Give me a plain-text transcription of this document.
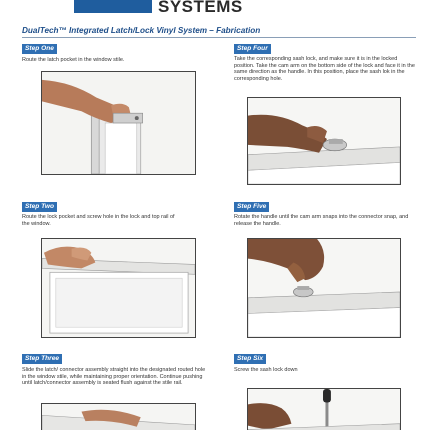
SYSTEMS
DualTech™ Integrated Latch/Lock Vinyl System – Fabrication
Step One
Route the latch pocket in the window stile.
Step Four
Take the corresponding sash lock, and make sure it is in the locked position. Take the cam arm on the bottom side of the lock and face it in the same direction as the handle. In this position, place the sash lok in the corresponding hole.
Step Two
Route the lock pocket and screw hole in the lock and top rail of the window.
Step Five
Rotate the handle until the cam arm snaps into the connector snap, and release the handle.
Step Three
Slide the latch/ connector assembly straight into the designated routed hole in the window stile, while maintaining proper orientation. Continue pushing until latch/connector assembly is seated flush against the stile rail.
Step Six
Screw the sash lock down
